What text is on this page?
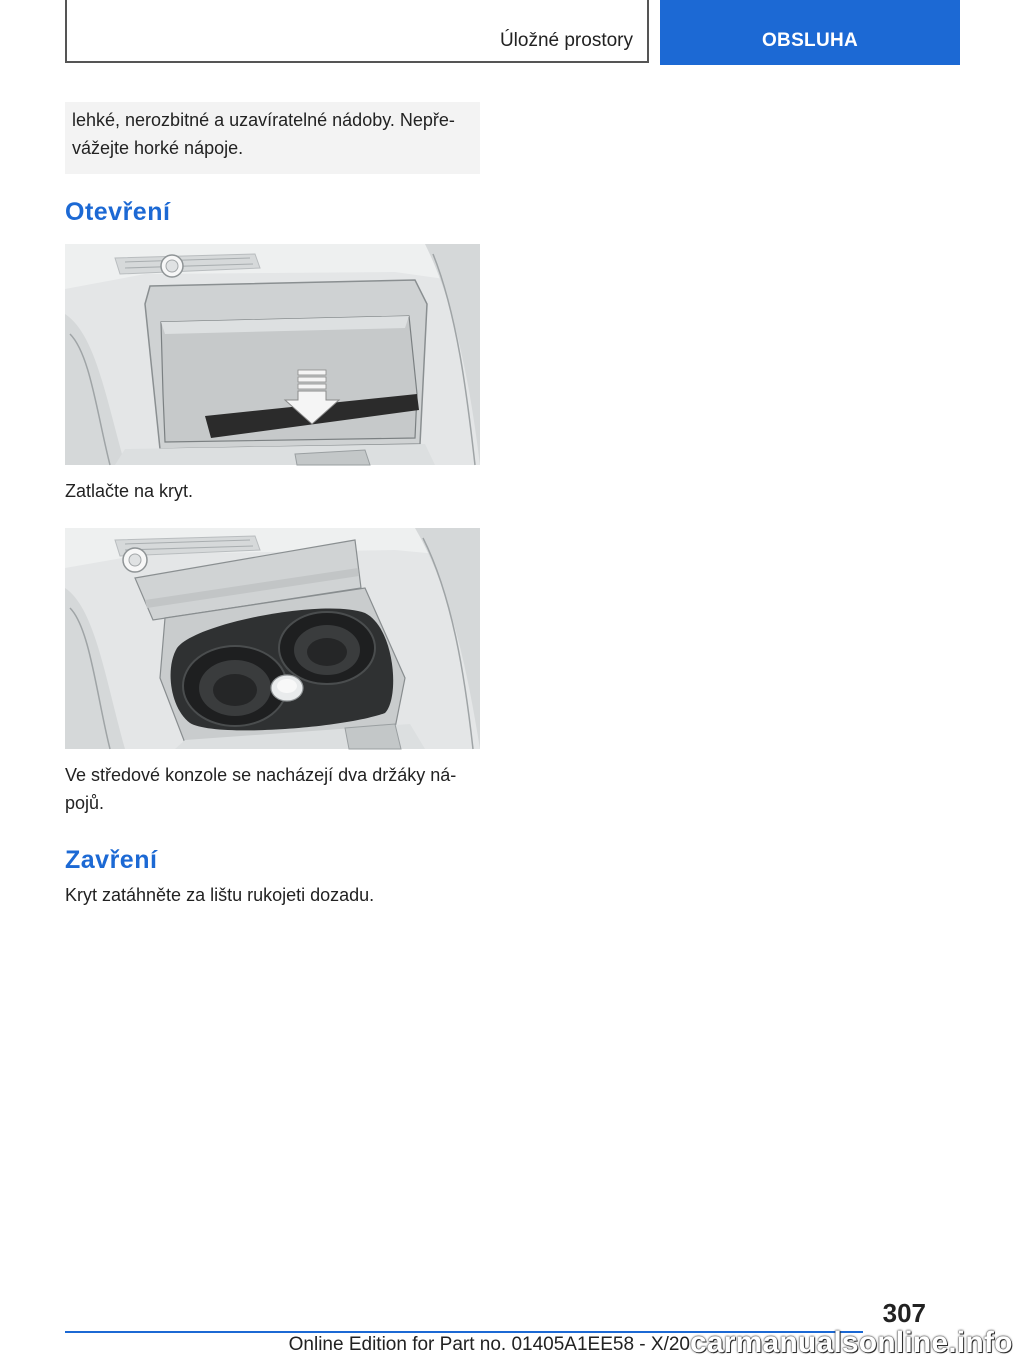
Úložné prostory	OBSLUHA
lehké, nerozbitné a uzavíratelné nádoby. Nepře‐
vážejte horké nápoje.
Otevření
Zatlačte na kryt.
Ve středové konzole se nacházejí dva držáky ná‐
pojů.
Zavření
Kryt zatáhněte za lištu rukojeti dozadu.
307
Online Edition for Part no. 01405A1EE58 - X/20 carmanualsonline.info
